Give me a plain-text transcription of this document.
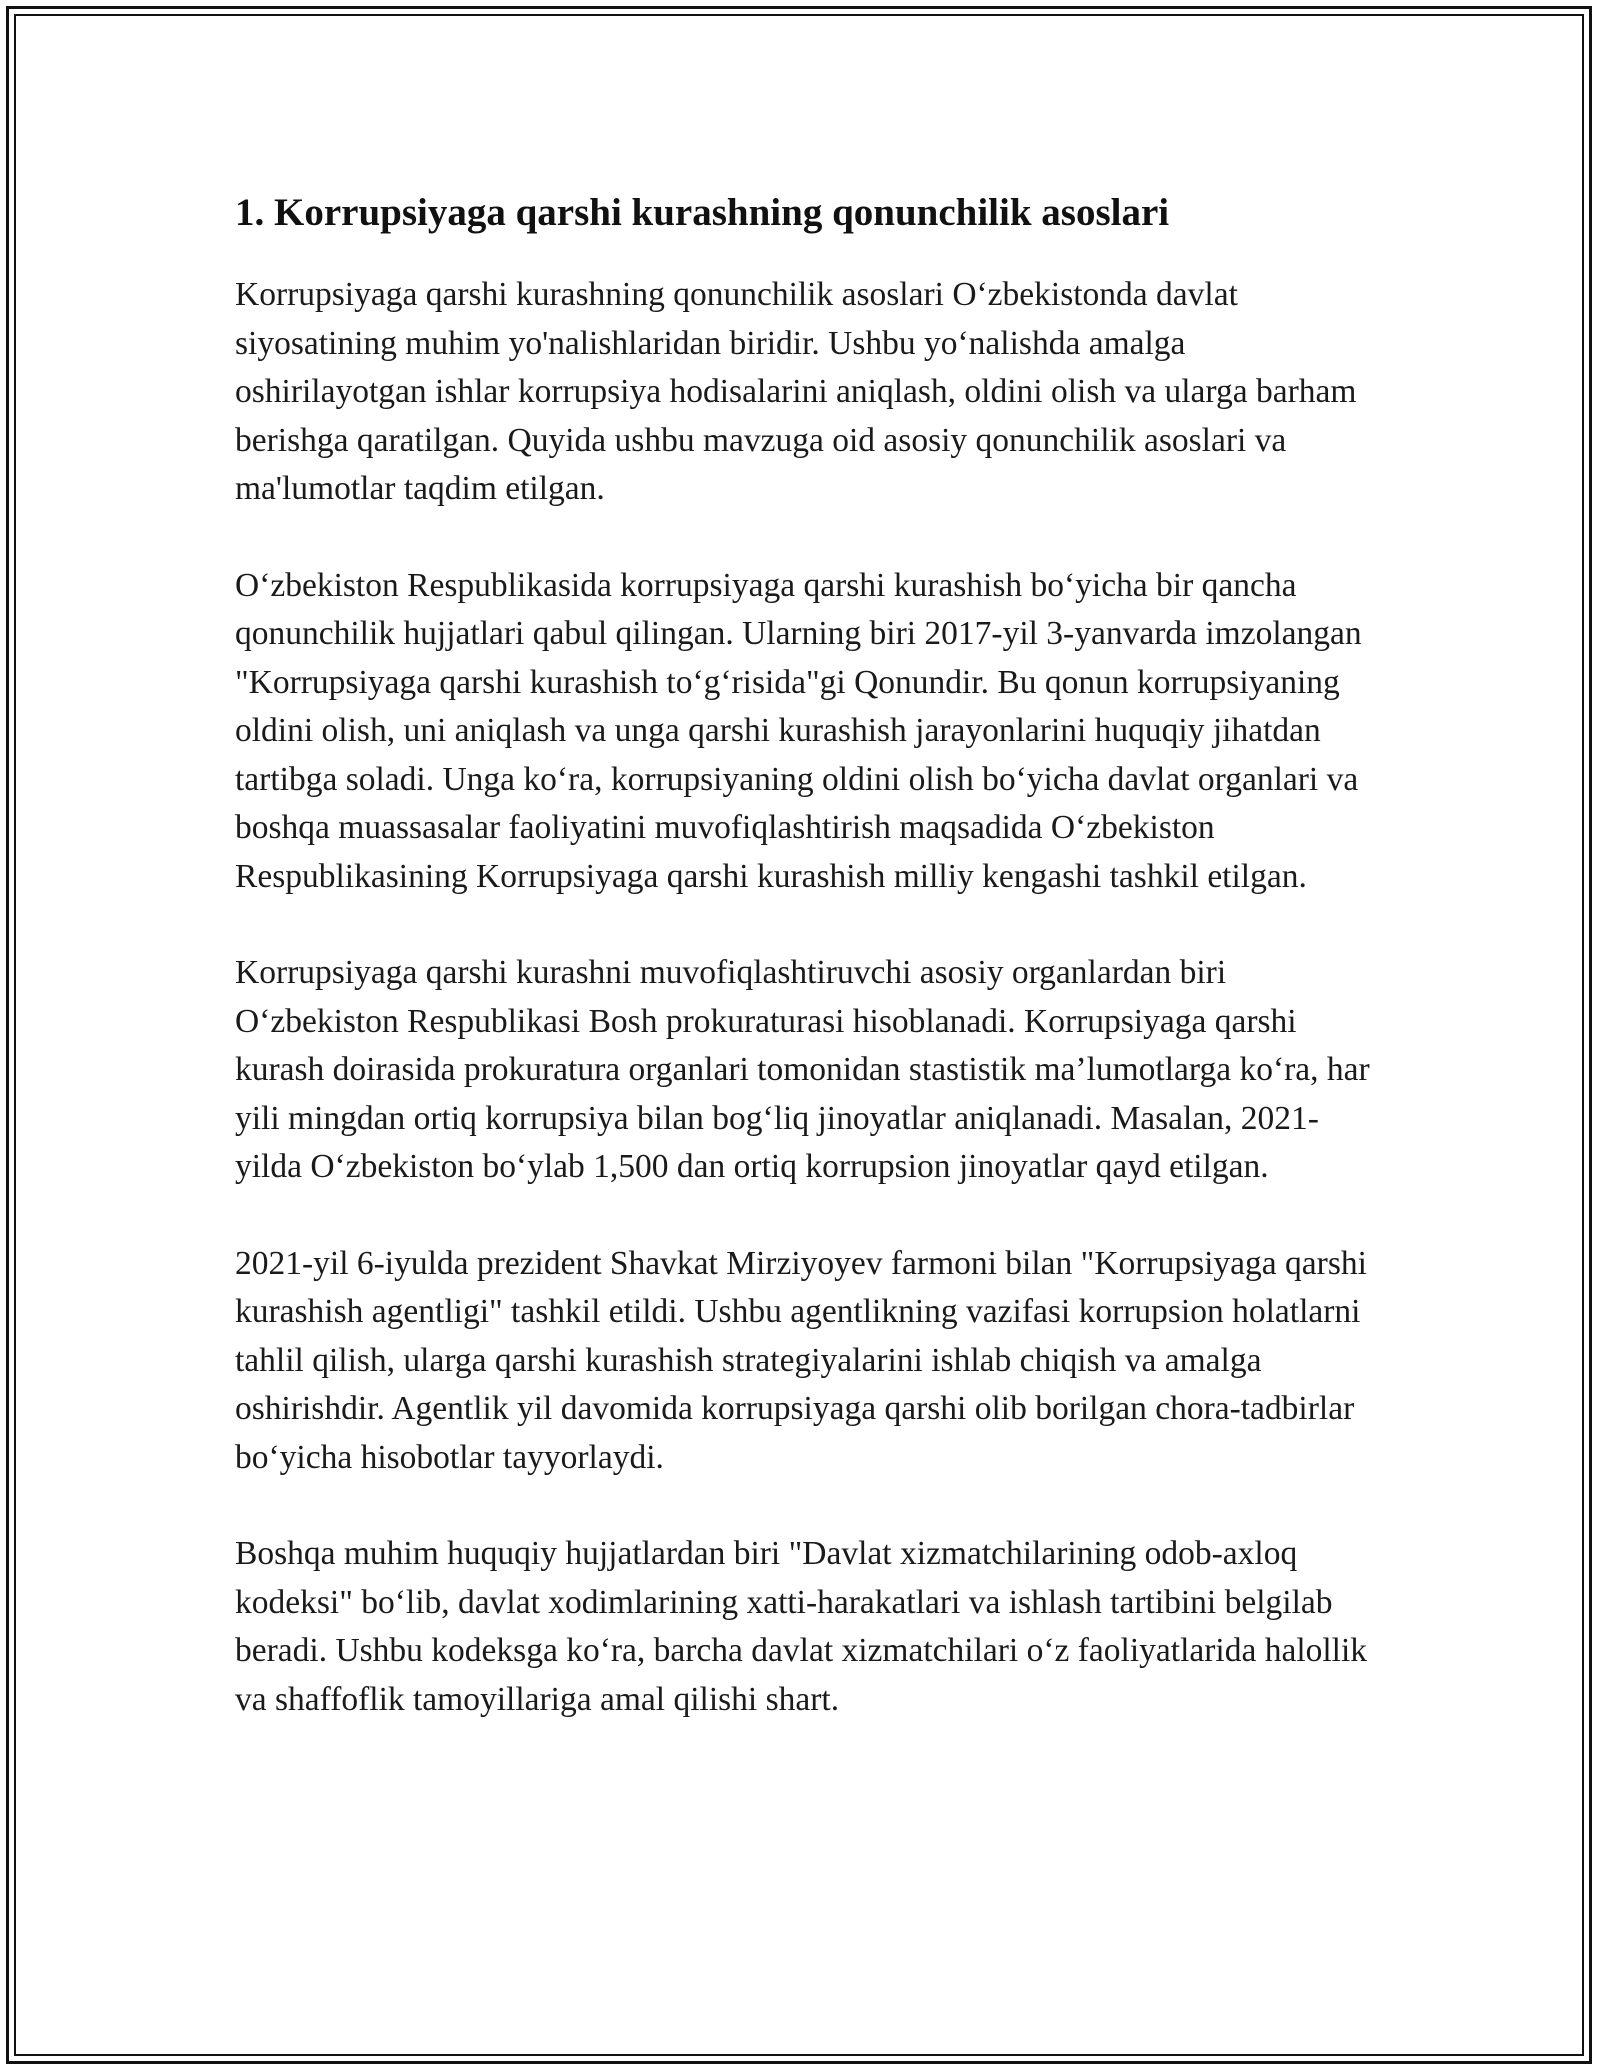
1. Korrupsiyaga qarshi kurashning qonunchilik asoslari

Korrupsiyaga qarshi kurashning qonunchilik asoslari O‘zbekistonda davlat siyosatining muhim yo'nalishlaridan biridir. Ushbu yo‘nalishda amalga oshirilayotgan ishlar korrupsiya hodisalarini aniqlash, oldini olish va ularga barham berishga qaratilgan. Quyida ushbu mavzuga oid asosiy qonunchilik asoslari va ma'lumotlar taqdim etilgan.

O‘zbekiston Respublikasida korrupsiyaga qarshi kurashish bo‘yicha bir qancha qonunchilik hujjatlari qabul qilingan. Ularning biri 2017-yil 3-yanvarda imzolangan "Korrupsiyaga qarshi kurashish to‘g‘risida"gi Qonundir. Bu qonun korrupsiyaning oldini olish, uni aniqlash va unga qarshi kurashish jarayonlarini huquqiy jihatdan tartibga soladi. Unga ko‘ra, korrupsiyaning oldini olish bo‘yicha davlat organlari va boshqa muassasalar faoliyatini muvofiqlashtirish maqsadida O‘zbekiston Respublikasining Korrupsiyaga qarshi kurashish milliy kengashi tashkil etilgan.

Korrupsiyaga qarshi kurashni muvofiqlashtiruvchi asosiy organlardan biri O‘zbekiston Respublikasi Bosh prokuraturasi hisoblanadi. Korrupsiyaga qarshi kurash doirasida prokuratura organlari tomonidan stastistik ma’lumotlarga ko‘ra, har yili mingdan ortiq korrupsiya bilan bog‘liq jinoyatlar aniqlanadi. Masalan, 2021-yilda O‘zbekiston bo‘ylab 1,500 dan ortiq korrupsion jinoyatlar qayd etilgan.

2021-yil 6-iyulda prezident Shavkat Mirziyoyev farmoni bilan "Korrupsiyaga qarshi kurashish agentligi" tashkil etildi. Ushbu agentlikning vazifasi korrupsion holatlarni tahlil qilish, ularga qarshi kurashish strategiyalarini ishlab chiqish va amalga oshirishdir. Agentlik yil davomida korrupsiyaga qarshi olib borilgan chora-tadbirlar bo‘yicha hisobotlar tayyorlaydi.

Boshqa muhim huquqiy hujjatlardan biri "Davlat xizmatchilarining odob-axloq kodeksi" bo‘lib, davlat xodimlarining xatti-harakatlari va ishlash tartibini belgilab beradi. Ushbu kodeksga ko‘ra, barcha davlat xizmatchilari o‘z faoliyatlarida halollik va shaffoflik tamoyillariga amal qilishi shart.
